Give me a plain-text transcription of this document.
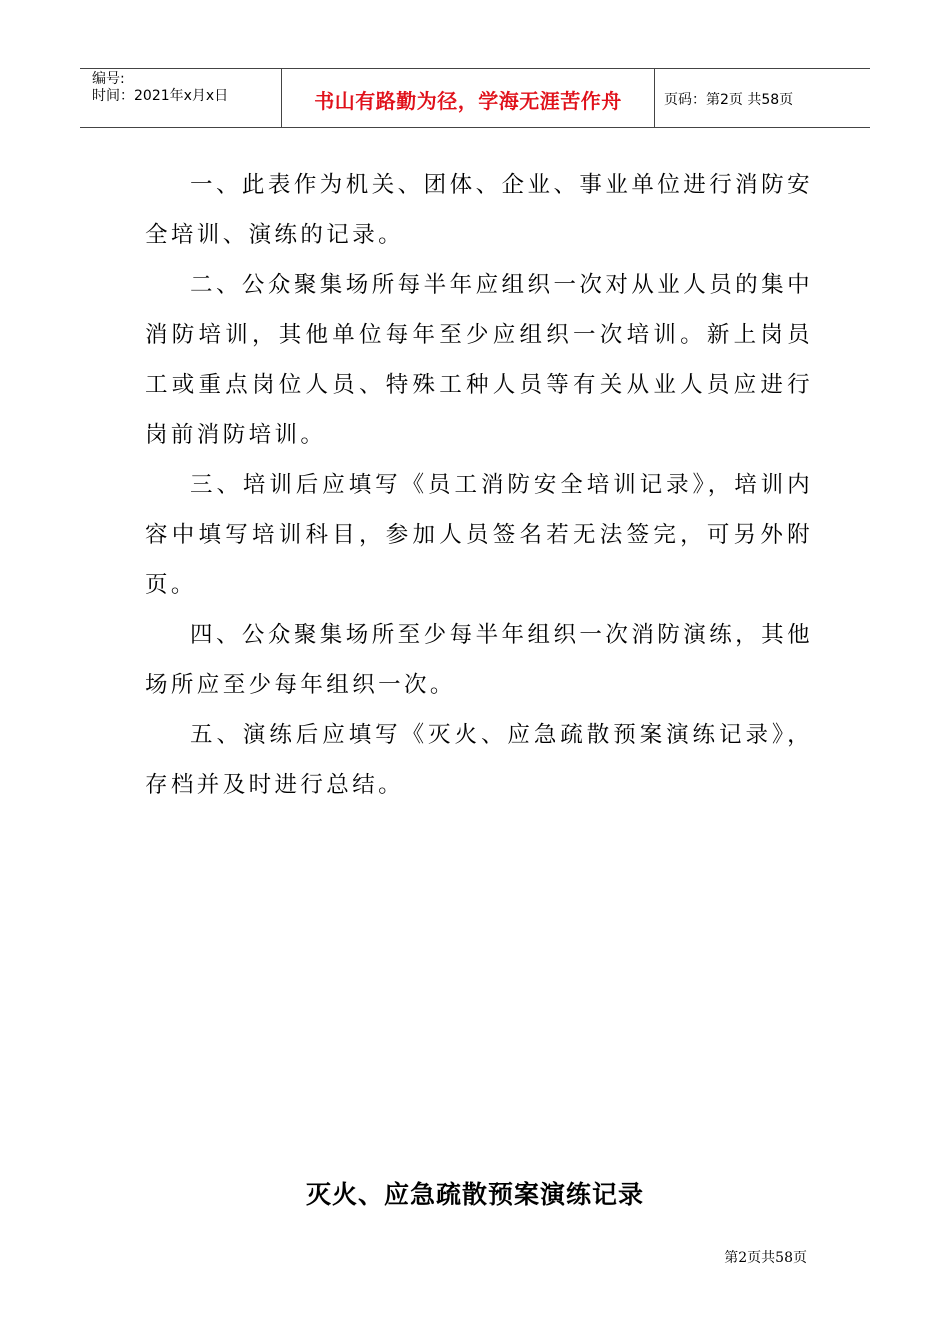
编号:
时间：2021年x月x日	书山有路勤为径，学海无涯苦作舟	页码：第2页 共58页

一、此表作为机关、团体、企业、事业单位进行消防安全培训、演练的记录。

二、公众聚集场所每半年应组织一次对从业人员的集中消防培训，其他单位每年至少应组织一次培训。新上岗员工或重点岗位人员、特殊工种人员等有关从业人员应进行岗前消防培训。

三、培训后应填写《员工消防安全培训记录》，培训内容中填写培训科目，参加人员签名若无法签完，可另外附页。

四、公众聚集场所至少每半年组织一次消防演练，其他场所应至少每年组织一次。

五、演练后应填写《灭火、应急疏散预案演练记录》，存档并及时进行总结。

灭火、应急疏散预案演练记录
第2页共58页
